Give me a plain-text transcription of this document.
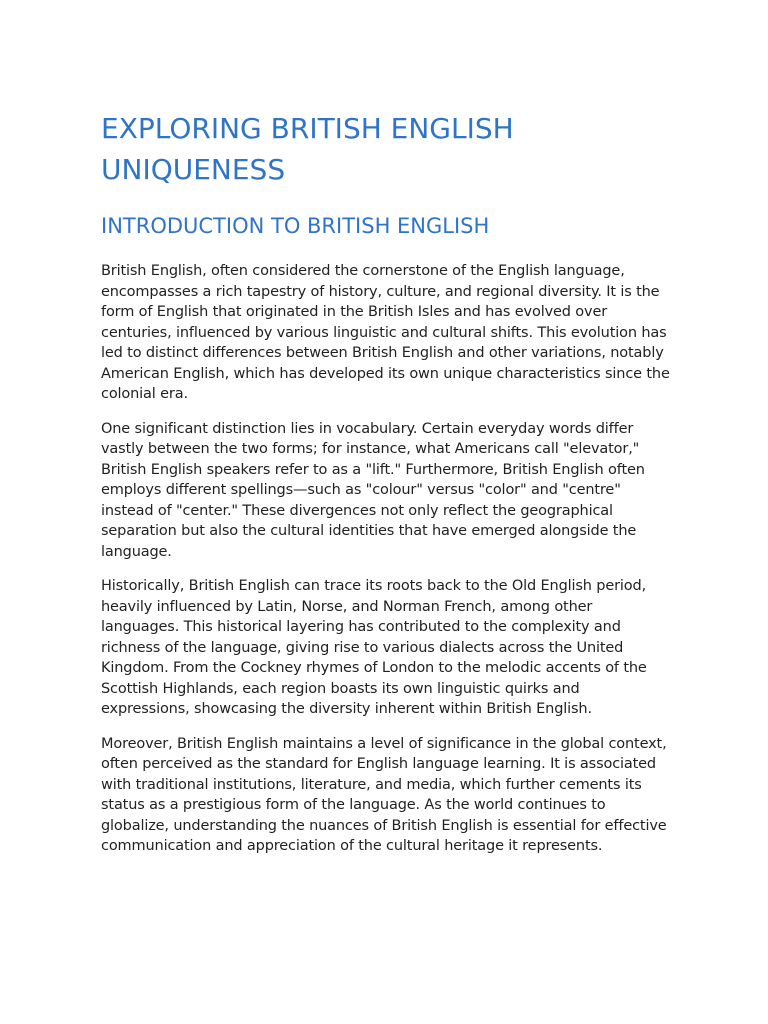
EXPLORING BRITISH ENGLISH UNIQUENESS
INTRODUCTION TO BRITISH ENGLISH

British English, often considered the cornerstone of the English language, encompasses a rich tapestry of history, culture, and regional diversity. It is the form of English that originated in the British Isles and has evolved over centuries, influenced by various linguistic and cultural shifts. This evolution has led to distinct differences between British English and other variations, notably American English, which has developed its own unique characteristics since the colonial era.

One significant distinction lies in vocabulary. Certain everyday words differ vastly between the two forms; for instance, what Americans call "elevator," British English speakers refer to as a "lift." Furthermore, British English often employs different spellings—such as "colour" versus "color" and "centre" instead of "center." These divergences not only reflect the geographical separation but also the cultural identities that have emerged alongside the language.

Historically, British English can trace its roots back to the Old English period, heavily influenced by Latin, Norse, and Norman French, among other languages. This historical layering has contributed to the complexity and richness of the language, giving rise to various dialects across the United Kingdom. From the Cockney rhymes of London to the melodic accents of the Scottish Highlands, each region boasts its own linguistic quirks and expressions, showcasing the diversity inherent within British English.

Moreover, British English maintains a level of significance in the global context, often perceived as the standard for English language learning. It is associated with traditional institutions, literature, and media, which further cements its status as a prestigious form of the language. As the world continues to globalize, understanding the nuances of British English is essential for effective communication and appreciation of the cultural heritage it represents.
